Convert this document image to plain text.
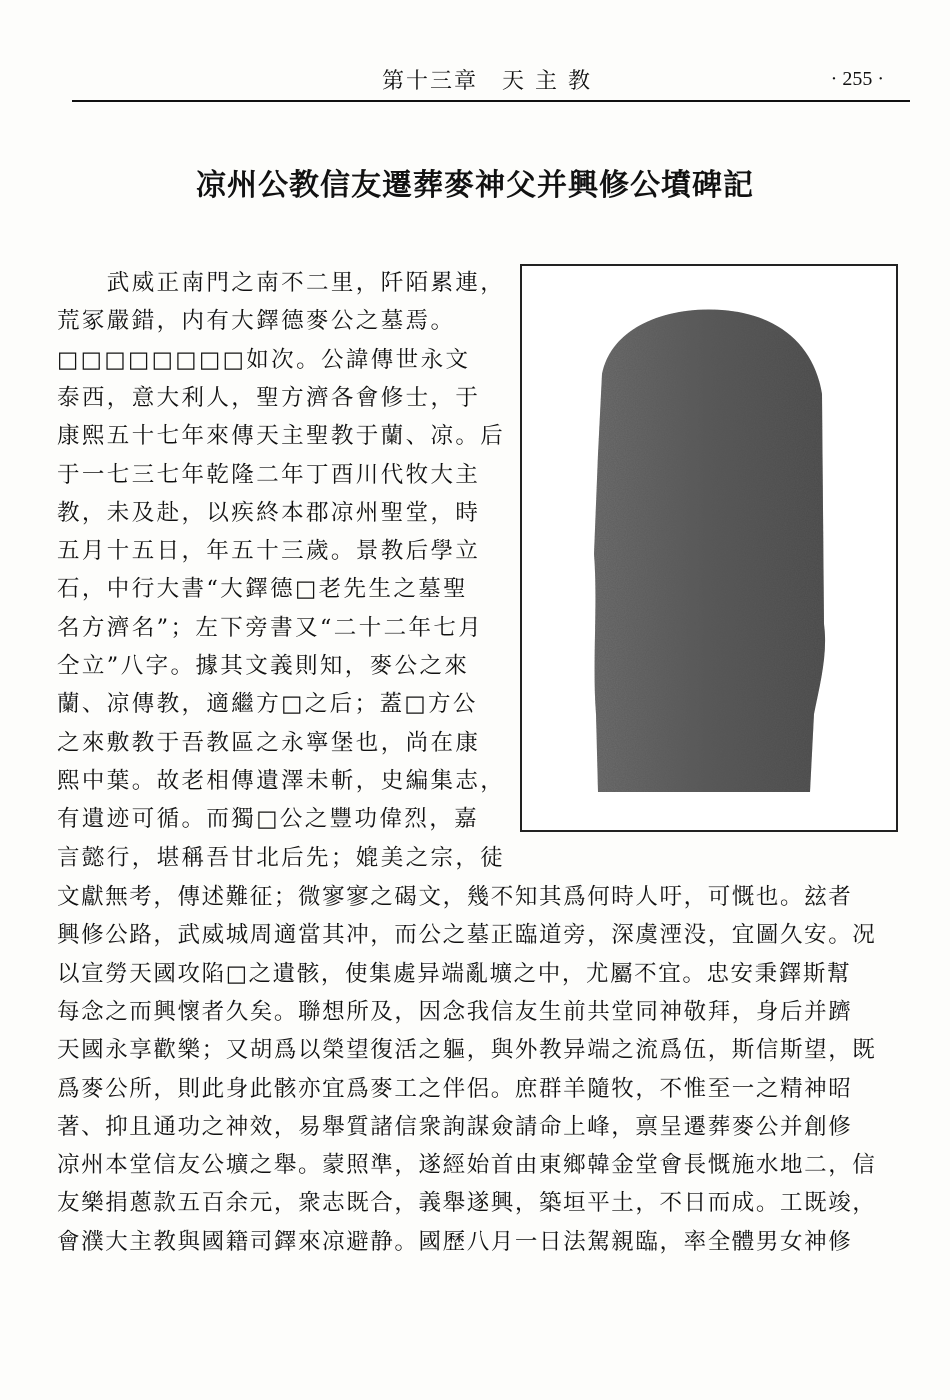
第十三章　天 主 教	· 255 ·
凉州公教信友遷葬麥神父并興修公墳碑記
　　武威正南門之南不二里，阡陌累連，
荒冢嚴錯，内有大鐸德麥公之墓焉。
□□□□□□□□如次。公諱傳世永文
泰西，意大利人，聖方濟各會修士，于
康熙五十七年來傳天主聖教于蘭、凉。后
于一七三七年乾隆二年丁酉川代牧大主
教，未及赴，以疾終本郡凉州聖堂，時
五月十五日，年五十三歲。景教后學立
石，中行大書“大鐸德□老先生之墓聖
名方濟名”；左下旁書又“二十二年七月
仝立”八字。據其文義則知，麥公之來
蘭、凉傳教，適繼方□之后；蓋□方公
之來敷教于吾教區之永寧堡也，尚在康
熙中葉。故老相傳遺澤未斬，史編集志，
有遺迹可循。而獨□公之豐功偉烈，嘉
言懿行，堪稱吾甘北后先；媲美之宗，徒
文獻無考，傳述難征；微寥寥之碣文，幾不知其爲何時人吁，可慨也。玆者
興修公路，武威城周適當其冲，而公之墓正臨道旁，深虞湮没，宜圖久安。况
以宣勞天國攻陷□之遺骸，使集處异端亂壙之中，尤屬不宜。忠安秉鐸斯幫
每念之而興懷者久矣。聯想所及，因念我信友生前共堂同神敬拜，身后并躋
天國永享歡樂；又胡爲以榮望復活之軀，與外教异端之流爲伍，斯信斯望，既
爲麥公所，則此身此骸亦宜爲麥工之伴侶。庶群羊隨牧，不惟至一之精神昭
著、抑且通功之神效，易舉質諸信衆詢謀僉請命上峰，禀呈遷葬麥公并創修
凉州本堂信友公壙之舉。蒙照準，遂經始首由東鄉韓金堂會長慨施水地二，信
友樂捐蔥款五百余元，衆志既合，義舉遂興，築垣平土，不日而成。工既竣，
會濮大主教與國籍司鐸來凉避静。國歷八月一日法駕親臨，率全體男女神修
